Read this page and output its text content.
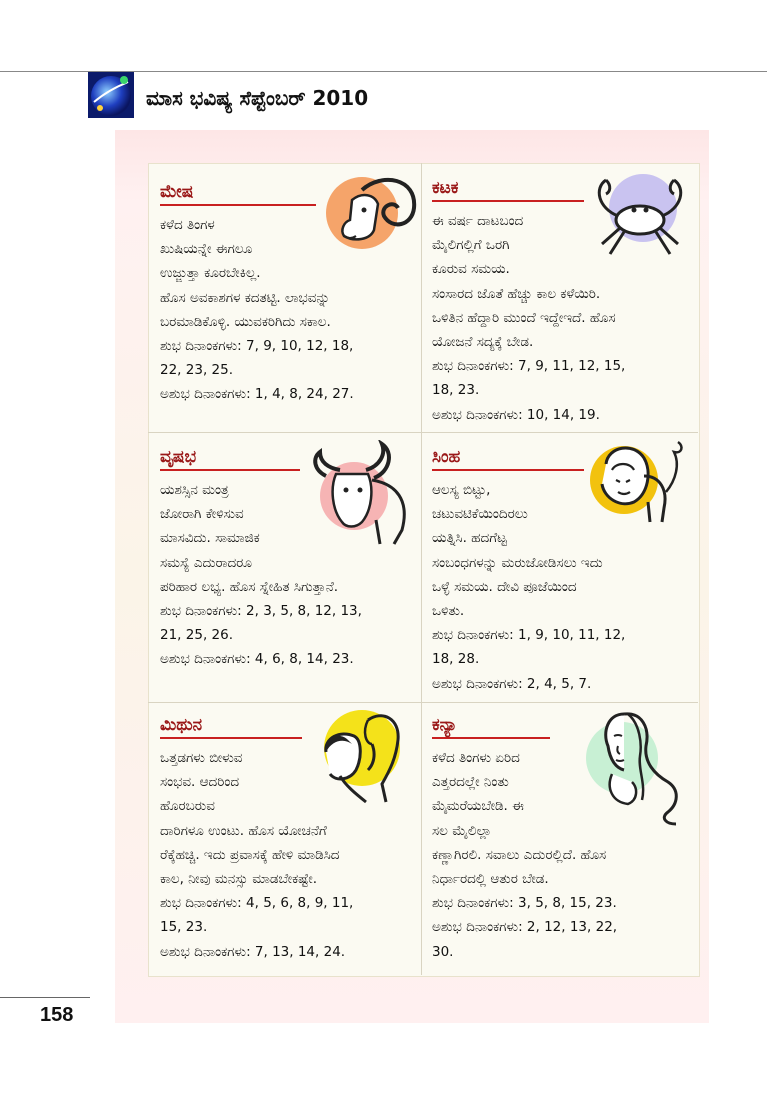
ಮಾಸ ಭವಿಷ್ಯ ಸೆಪ್ಟೆಂಬರ್ 2010
ಮೇಷ
ಕಳೆದ ತಿಂಗಳ
ಖುಷಿಯನ್ನೇ ಈಗಲೂ
ಉಜ್ಜುತ್ತಾ ಕೂರಬೇಕಿಲ್ಲ.
ಹೊಸ ಅವಕಾಶಗಳ ಕದತಟ್ಟಿ. ಲಾಭವನ್ನು
ಬರಮಾಡಿಕೊಳ್ಳಿ. ಯುವಕರಿಗಿದು ಸಕಾಲ.
ಶುಭ ದಿನಾಂಕಗಳು: 7, 9, 10, 12, 18,
22, 23, 25.
ಅಶುಭ ದಿನಾಂಕಗಳು: 1, 4, 8, 24, 27.
ಕಟಕ
ಈ ವರ್ಷ ದಾಟಬಂದ
ಮೈಲಿಗಲ್ಲಿಗೆ ಒರಗಿ
ಕೂರುವ ಸಮಯ.
ಸಂಸಾರದ ಜೊತೆ ಹೆಚ್ಚು ಕಾಲ ಕಳೆಯಿರಿ.
ಒಳಿತಿನ ಹೆದ್ದಾರಿ ಮುಂದೆ ಇದ್ದೇಇದೆ. ಹೊಸ
ಯೋಜನೆ ಸದ್ಯಕ್ಕೆ ಬೇಡ.
ಶುಭ ದಿನಾಂಕಗಳು: 7, 9, 11, 12, 15,
18, 23.
ಅಶುಭ ದಿನಾಂಕಗಳು: 10, 14, 19.
ವೃಷಭ
ಯಶಸ್ಸಿನ ಮಂತ್ರ
ಜೋರಾಗಿ ಕೇಳಿಸುವ
ಮಾಸವಿದು. ಸಾಮಾಜಿಕ
ಸಮಸ್ಯೆ ಎದುರಾದರೂ
ಪರಿಹಾರ ಲಭ್ಯ. ಹೊಸ ಸ್ನೇಹಿತ ಸಿಗುತ್ತಾನೆ.
ಶುಭ ದಿನಾಂಕಗಳು: 2, 3, 5, 8, 12, 13,
21, 25, 26.
ಅಶುಭ ದಿನಾಂಕಗಳು: 4, 6, 8, 14, 23.
ಸಿಂಹ
ಆಲಸ್ಯ ಬಿಟ್ಟು,
ಚಟುವಟಿಕೆಯಿಂದಿರಲು
ಯತ್ನಿಸಿ. ಹದಗೆಟ್ಟ
ಸಂಬಂಧಗಳನ್ನು ಮರುಜೋಡಿಸಲು ಇದು
ಒಳ್ಳೆ ಸಮಯ. ದೇವಿ ಪೂಜೆಯಿಂದ
ಒಳಿತು.
ಶುಭ ದಿನಾಂಕಗಳು: 1, 9, 10, 11, 12,
18, 28.
ಅಶುಭ ದಿನಾಂಕಗಳು: 2, 4, 5, 7.
ಮಿಥುನ
ಒತ್ತಡಗಳು ಬೀಳುವ
ಸಂಭವ. ಆದರಿಂದ
ಹೊರಬರುವ
ದಾರಿಗಳೂ ಉಂಟು. ಹೊಸ ಯೋಚನೆಗೆ
ರೆಕ್ಕೆಹಚ್ಚಿ. ಇದು ಪ್ರವಾಸಕ್ಕೆ ಹೇಳಿ ಮಾಡಿಸಿದ
ಕಾಲ, ನೀವು ಮನಸ್ಸು ಮಾಡಬೇಕಷ್ಟೇ.
ಶುಭ ದಿನಾಂಕಗಳು: 4, 5, 6, 8, 9, 11,
15, 23.
ಅಶುಭ ದಿನಾಂಕಗಳು: 7, 13, 14, 24.
ಕನ್ಯಾ
ಕಳೆದ ತಿಂಗಳು ಏರಿದ
ಎತ್ತರದಲ್ಲೇ ನಿಂತು
ಮೈಮರೆಯಬೇಡಿ. ಈ
ಸಲ ಮೈಲಿಲ್ಲಾ
ಕಣ್ಣಾಗಿರಲಿ. ಸವಾಲು ಎದುರಲ್ಲಿದೆ. ಹೊಸ
ನಿರ್ಧಾರದಲ್ಲಿ ಆತುರ ಬೇಡ.
ಶುಭ ದಿನಾಂಕಗಳು: 3, 5, 8, 15, 23.
ಅಶುಭ ದಿನಾಂಕಗಳು: 2, 12, 13, 22,
30.
158
